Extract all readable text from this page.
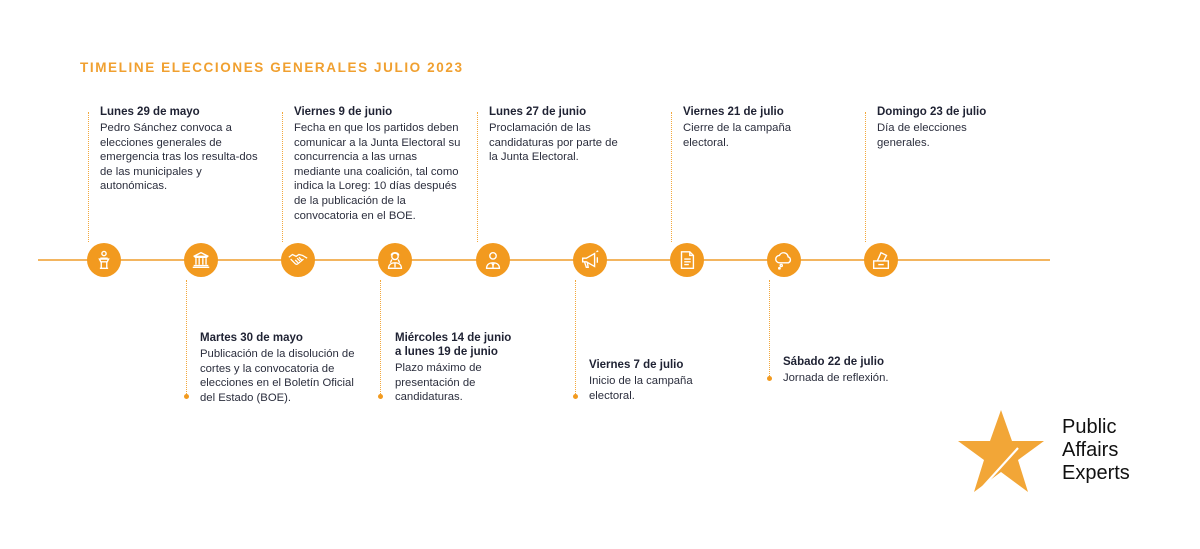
TIMELINE ELECCIONES GENERALES JULIO 2023
Lunes 29 de mayo
Pedro Sánchez convoca a elecciones generales de emergencia tras los resulta-dos de las municipales y autonómicas.
Martes 30 de mayo
Publicación de la disolución de cortes y la convocatoria de elecciones en el Boletín Oficial del Estado (BOE).
Viernes 9 de junio
Fecha en que los partidos deben comunicar a la Junta Electoral su concurrencia a las urnas mediante una coalición, tal como indica la Loreg: 10 días después de la publicación de la convocatoria en el BOE.
Miércoles 14 de junio
a lunes 19 de junio
Plazo máximo de presentación de candidaturas.
Lunes 27 de junio
Proclamación de las candidaturas por parte de la Junta Electoral.
Viernes 7 de julio
Inicio de la campaña electoral.
Viernes 21 de julio
Cierre de la campaña electoral.
Sábado 22 de julio
Jornada de reflexión.
Domingo 23 de julio
Día de elecciones generales.
Public
Affairs
Experts
